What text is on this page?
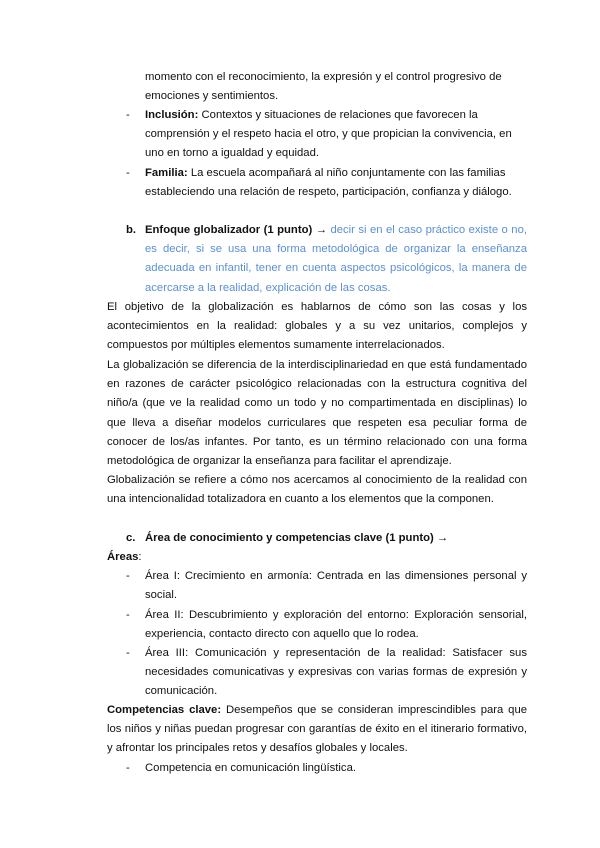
momento con el reconocimiento, la expresión y el control progresivo de emociones y sentimientos.

- Inclusión: Contextos y situaciones de relaciones que favorecen la comprensión y el respeto hacia el otro, y que propician la convivencia, en uno en torno a igualdad y equidad.

- Familia: La escuela acompañará al niño conjuntamente con las familias estableciendo una relación de respeto, participación, confianza y diálogo.

b. Enfoque globalizador (1 punto) → decir si en el caso práctico existe o no, es decir, si se usa una forma metodológica de organizar la enseñanza adecuada en infantil, tener en cuenta aspectos psicológicos, la manera de acercarse a la realidad, explicación de las cosas.

El objetivo de la globalización es hablarnos de cómo son las cosas y los acontecimientos en la realidad: globales y a su vez unitarios, complejos y compuestos por múltiples elementos sumamente interrelacionados.

La globalización se diferencia de la interdisciplinariedad en que está fundamentado en razones de carácter psicológico relacionadas con la estructura cognitiva del niño/a (que ve la realidad como un todo y no compartimentada en disciplinas) lo que lleva a diseñar modelos curriculares que respeten esa peculiar forma de conocer de los/as infantes. Por tanto, es un término relacionado con una forma metodológica de organizar la enseñanza para facilitar el aprendizaje.

Globalización se refiere a cómo nos acercamos al conocimiento de la realidad con una intencionalidad totalizadora en cuanto a los elementos que la componen.

c. Área de conocimiento y competencias clave (1 punto) →

Áreas:

- Área I: Crecimiento en armonía: Centrada en las dimensiones personal y social.

- Área II: Descubrimiento y exploración del entorno: Exploración sensorial, experiencia, contacto directo con aquello que lo rodea.

- Área III: Comunicación y representación de la realidad: Satisfacer sus necesidades comunicativas y expresivas con varias formas de expresión y comunicación.

Competencias clave: Desempeños que se consideran imprescindibles para que los niños y niñas puedan progresar con garantías de éxito en el itinerario formativo, y afrontar los principales retos y desafíos globales y locales.

- Competencia en comunicación lingüística.
